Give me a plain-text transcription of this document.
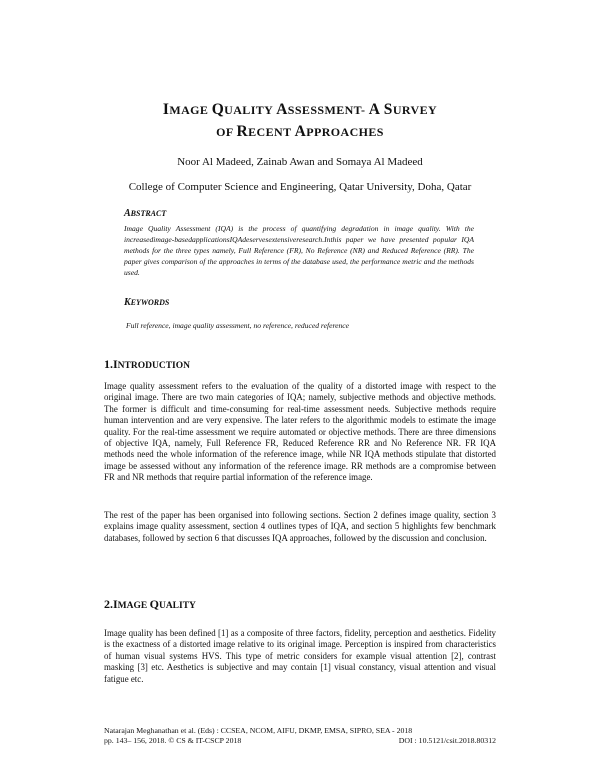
IMAGE QUALITY ASSESSMENT- A SURVEY
OF RECENT APPROACHES
Noor Al Madeed, Zainab Awan and Somaya Al Madeed
College of Computer Science and Engineering, Qatar University, Doha, Qatar
ABSTRACT
Image Quality Assessment (IQA) is the process of quantifying degradation in image quality. With the increasedimage-basedapplicationsIQAdeservesextensiveresearch.Inthis paper we have presented popular IQA methods for the three types namely, Full Reference (FR), No Reference (NR) and Reduced Reference (RR). The paper gives comparison of the approaches in terms of the database used, the performance metric and the methods used.
KEYWORDS
Full reference, image quality assessment, no reference, reduced reference
1.INTRODUCTION
Image quality assessment refers to the evaluation of the quality of a distorted image with respect to the original image. There are two main categories of IQA; namely, subjective methods and objective methods. The former is difficult and time-consuming for real-time assessment needs. Subjective methods require human intervention and are very expensive. The later refers to the algorithmic models to estimate the image quality. For the real-time assessment we require automated or objective methods. There are three dimensions of objective IQA, namely, Full Reference FR, Reduced Reference RR and No Reference NR. FR IQA methods need the whole information of the reference image, while NR IQA methods stipulate that distorted image be assessed without any information of the reference image. RR methods are a compromise between FR and NR methods that require partial information of the reference image.
The rest of the paper has been organised into following sections. Section 2 defines image quality, section 3 explains image quality assessment, section 4 outlines types of IQA, and section 5 highlights few benchmark databases, followed by section 6 that discusses IQA approaches, followed by the discussion and conclusion.
2.IMAGE QUALITY
Image quality has been defined [1] as a composite of three factors, fidelity, perception and aesthetics. Fidelity is the exactness of a distorted image relative to its original image. Perception is inspired from characteristics of human visual systems HVS. This type of metric considers for example visual attention [2], contrast masking [3] etc. Aesthetics is subjective and may contain [1] visual constancy, visual attention and visual fatigue etc.
Natarajan Meghanathan et al. (Eds) : CCSEA, NCOM, AIFU, DKMP, EMSA, SIPRO, SEA - 2018
pp. 143– 156, 2018. © CS & IT-CSCP 2018	DOI : 10.5121/csit.2018.80312
